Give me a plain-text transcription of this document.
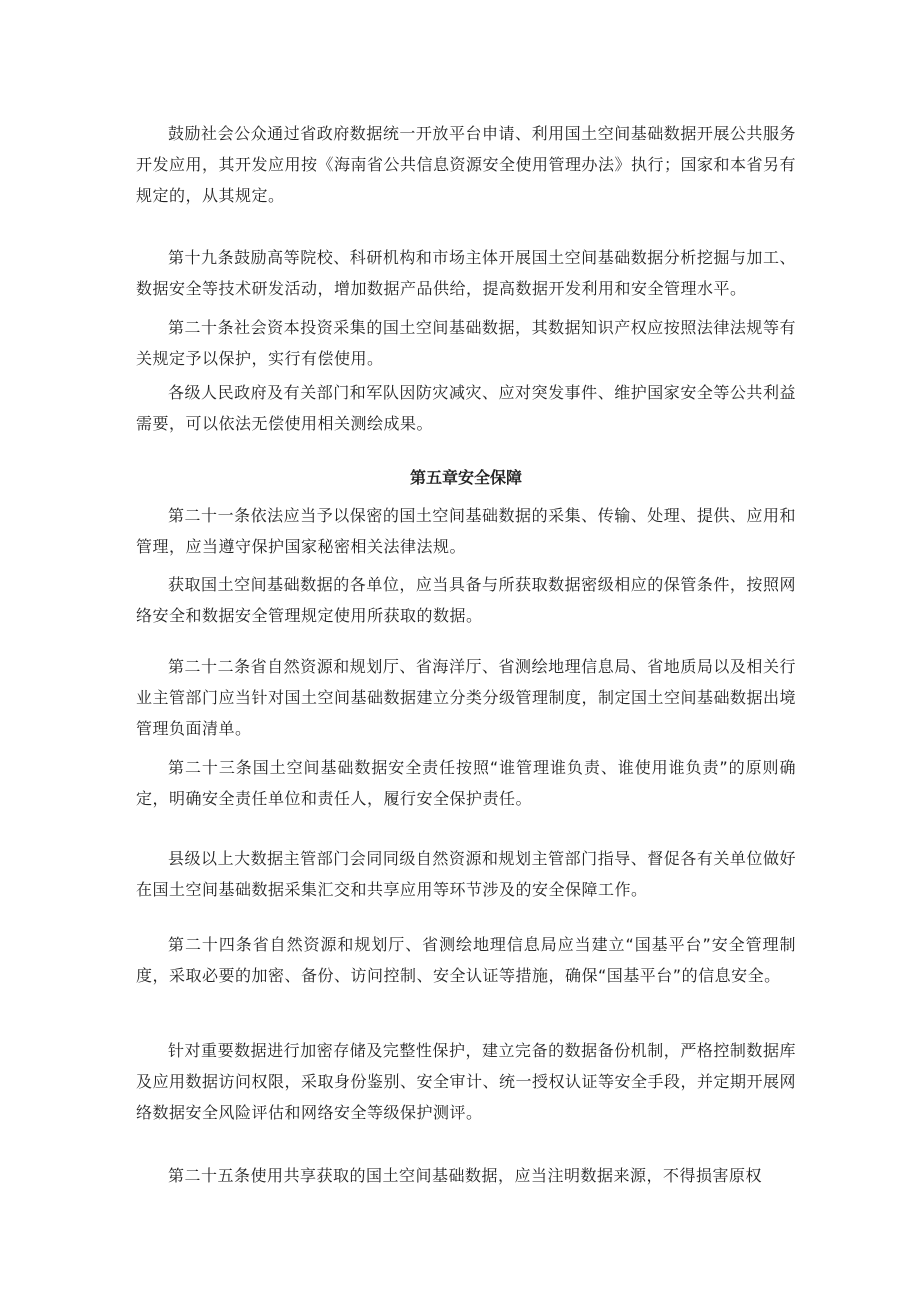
鼓励社会公众通过省政府数据统一开放平台申请、利用国土空间基础数据开展公共服务开发应用，其开发应用按《海南省公共信息资源安全使用管理办法》执行；国家和本省另有规定的，从其规定。

第十九条鼓励高等院校、科研机构和市场主体开展国土空间基础数据分析挖掘与加工、数据安全等技术研发活动，增加数据产品供给，提高数据开发利用和安全管理水平。

第二十条社会资本投资采集的国土空间基础数据，其数据知识产权应按照法律法规等有关规定予以保护，实行有偿使用。

各级人民政府及有关部门和军队因防灾减灾、应对突发事件、维护国家安全等公共利益需要，可以依法无偿使用相关测绘成果。

第五章安全保障

第二十一条依法应当予以保密的国土空间基础数据的采集、传输、处理、提供、应用和管理，应当遵守保护国家秘密相关法律法规。

获取国土空间基础数据的各单位，应当具备与所获取数据密级相应的保管条件，按照网络安全和数据安全管理规定使用所获取的数据。

第二十二条省自然资源和规划厅、省海洋厅、省测绘地理信息局、省地质局以及相关行业主管部门应当针对国土空间基础数据建立分类分级管理制度，制定国土空间基础数据出境管理负面清单。

第二十三条国土空间基础数据安全责任按照“谁管理谁负责、谁使用谁负责”的原则确定，明确安全责任单位和责任人，履行安全保护责任。

县级以上大数据主管部门会同同级自然资源和规划主管部门指导、督促各有关单位做好在国土空间基础数据采集汇交和共享应用等环节涉及的安全保障工作。

第二十四条省自然资源和规划厅、省测绘地理信息局应当建立“国基平台”安全管理制度，采取必要的加密、备份、访问控制、安全认证等措施，确保“国基平台”的信息安全。

针对重要数据进行加密存储及完整性保护，建立完备的数据备份机制，严格控制数据库及应用数据访问权限，采取身份鉴别、安全审计、统一授权认证等安全手段，并定期开展网络数据安全风险评估和网络安全等级保护测评。

第二十五条使用共享获取的国土空间基础数据，应当注明数据来源，不得损害原权
